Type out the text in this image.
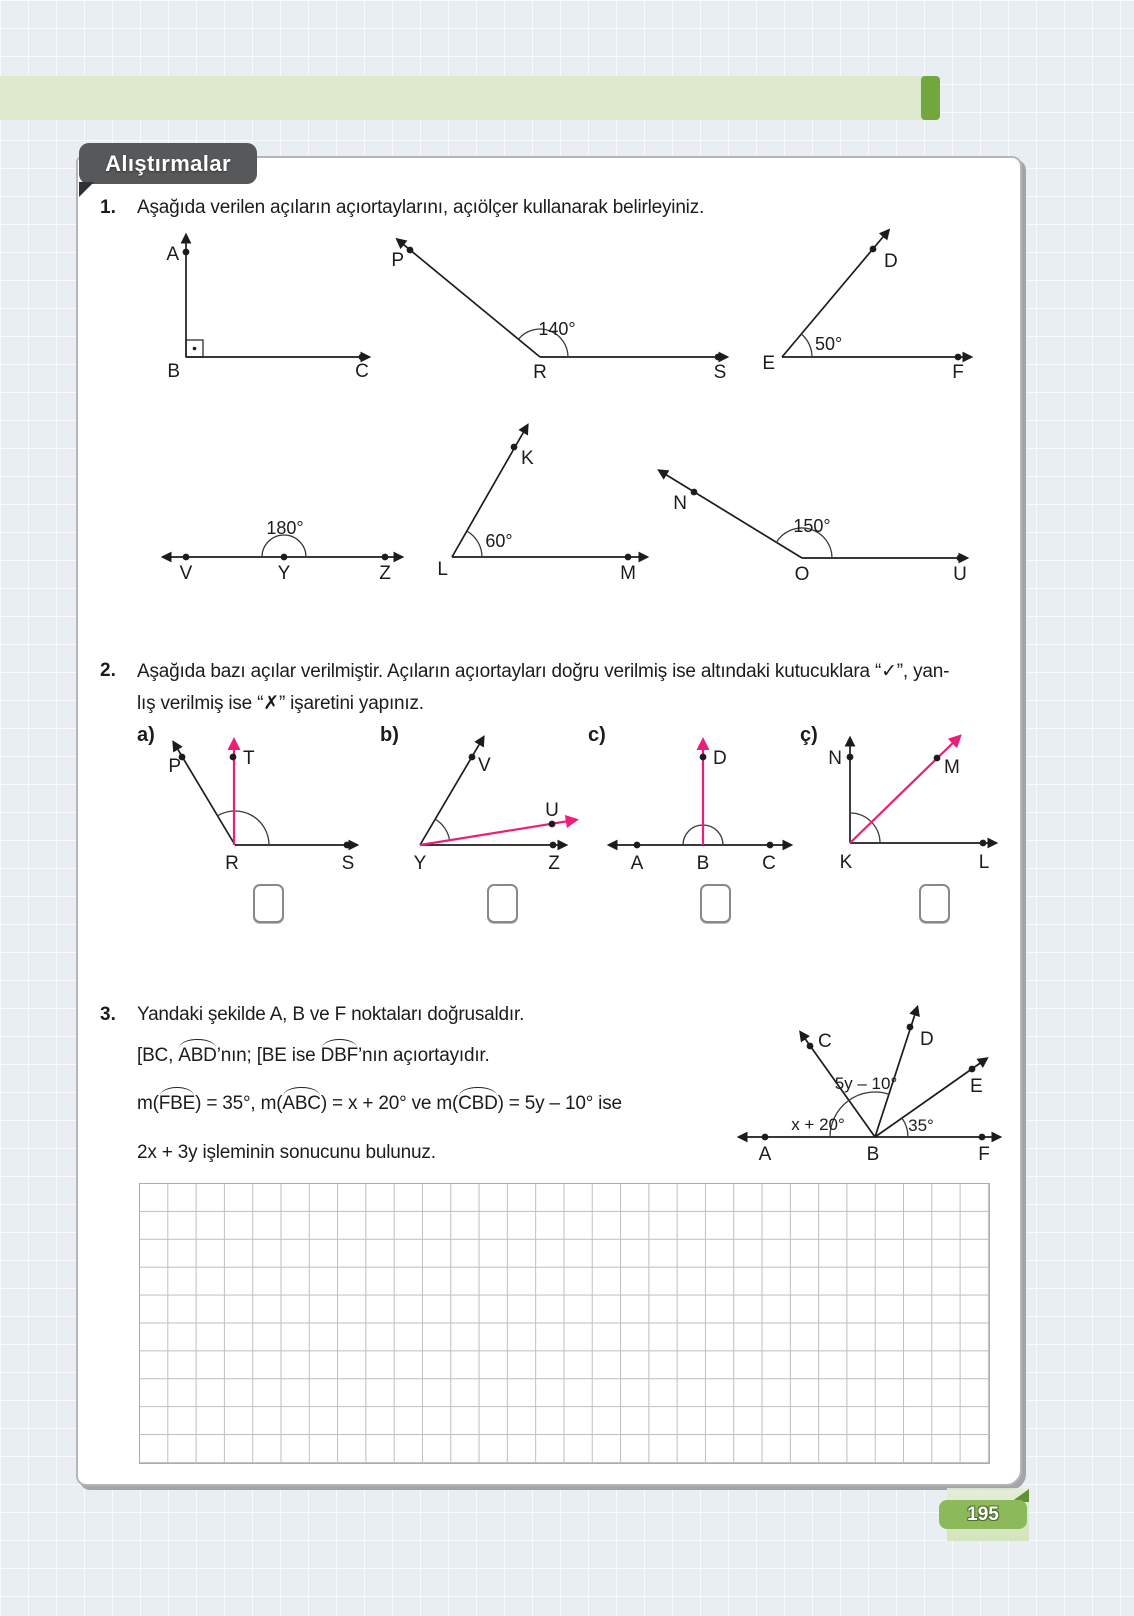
Alıştırmalar
1. Aşağıda verilen açıların açıortaylarını, açıölçer kullanarak belirleyiniz.
A
B	C
P
140°
R	S
D
50°
E	F
180°
V	Y	Z
K
60°
L	M
N
150°
O	U
2. Aşağıda bazı açılar verilmiştir. Açıların açıortayları doğru verilmiş ise altındaki kutucuklara “✓”, yan-
lış verilmiş ise “✗” işaretini yapınız.
a)	b)	c)	ç)
P	T
R	S
V
U
Y	Z
D
A	B	C
N	M
K	L
3. Yandaki şekilde A, B ve F noktaları doğrusaldır.
[BC, ABD’nın; [BE ise DBF’nın açıortayıdır.
m(FBE) = 35°, m(ABC) = x + 20° ve m(CBD) = 5y – 10° ise
2x + 3y işleminin sonucunu bulunuz.
C	D
E
A	B	F
x + 20°
5y – 10°
35°
195
